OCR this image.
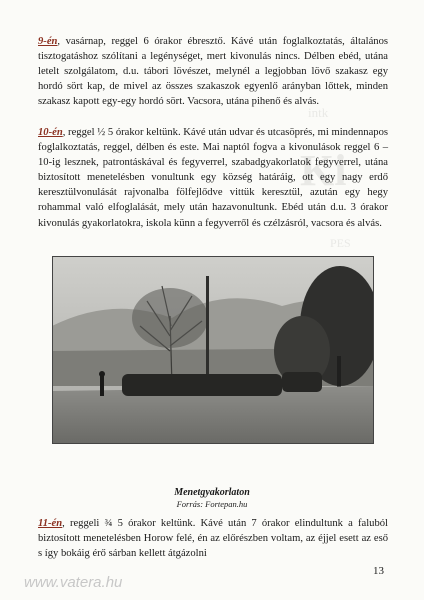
Ki
intk
PES
9-én, vasárnap, reggel 6 órakor ébresztő. Kávé után foglalkoztatás, általános tisztogatáshoz szólítani a legénységet, mert kivonulás nincs. Délben ebéd, utána letelt szolgálatom, d.u. tábori lövészet, melynél a legjobban lövő szakasz egy hordó sört kap, de mivel az összes szakaszok egyenlő arányban lőttek, minden szakasz kapott egy-egy hordó sört. Vacsora, utána pihenő és alvás.
10-én, reggel ½ 5 órakor keltünk. Kávé után udvar és utcasöprés, mi mindennapos foglalkoztatás, reggel, délben és este. Mai naptól fogva a kivonulások reggel 6 – 10-ig lesznek, patrontáskával és fegyverrel, szabadgyakorlatok fegyverrel, utána biztosított menetelésben vonultunk egy község határáig, ott egy nagy erdő keresztülvonulását rajvonalba fölfejlődve vittük keresztül, azután egy hegy rohammal való elfoglalását, mely után hazavonultunk. Ebéd után d.u. 3 órakor kivonulás gyakorlatokra, iskola künn a fegyverről és czélzásról, vacsora és alvás.
Menetgyakorlaton
Forrás: Fortepan.hu
11-én, reggeli ¾ 5 órakor keltünk. Kávé után 7 órakor elindultunk a faluból biztosított menetelésben Horow felé, én az előrészben voltam, az éjjel esett az eső s így bokáig érő sárban kellett átgázolni
13
www.vatera.hu
